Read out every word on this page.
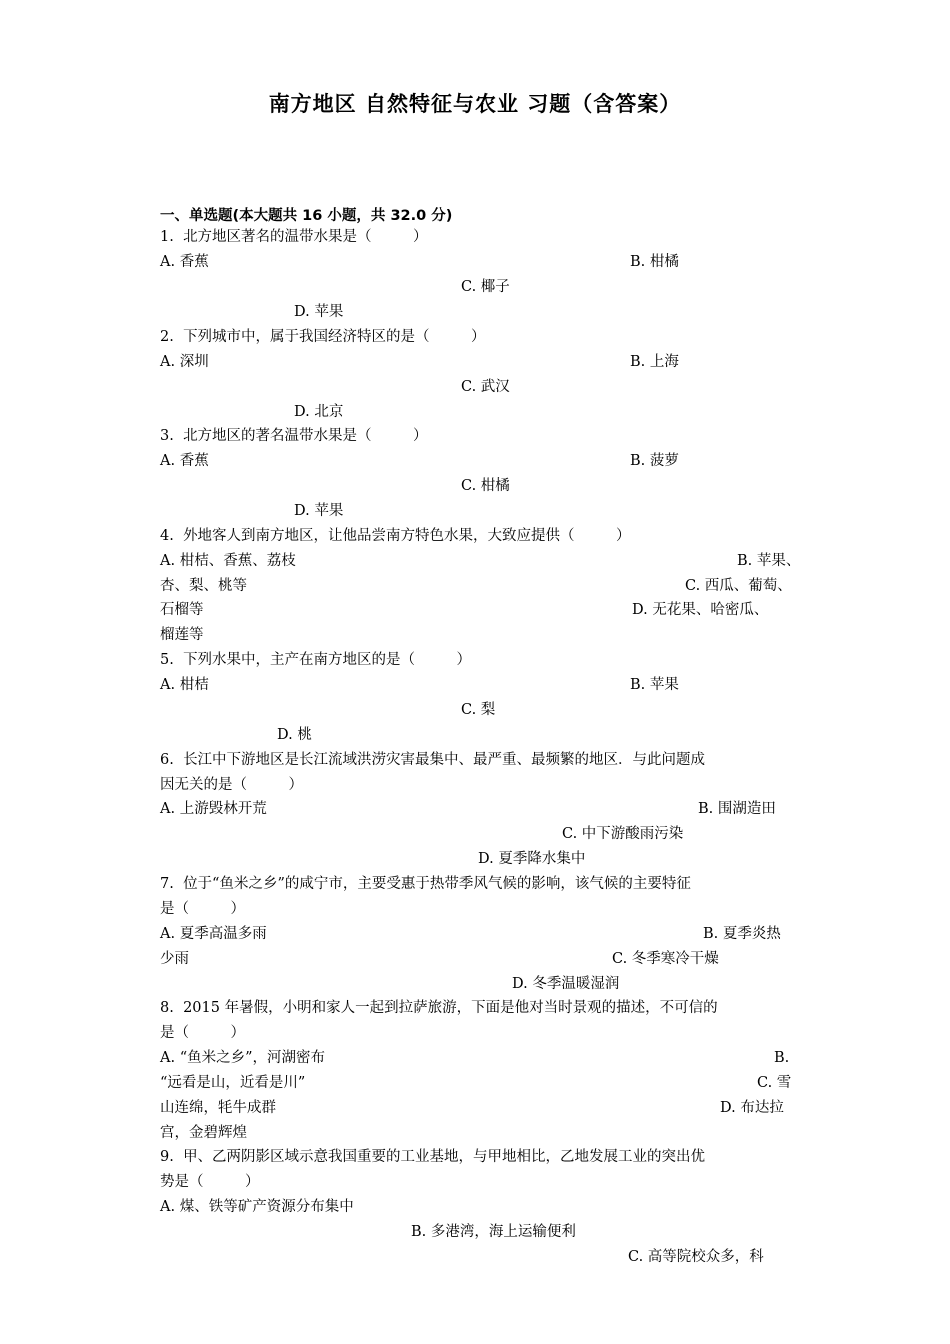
南方地区 自然特征与农业 习题（含答案）
一、单选题(本大题共 16 小题，共 32.0 分)
1. 北方地区著名的温带水果是（         ）
A. 香蕉	B. 柑橘
C. 椰子
D. 苹果
2. 下列城市中，属于我国经济特区的是（         ）
A. 深圳	B. 上海
C. 武汉
D. 北京
3. 北方地区的著名温带水果是（         ）
A. 香蕉	B. 菠萝
C. 柑橘
D. 苹果
4. 外地客人到南方地区，让他品尝南方特色水果，大致应提供（         ）
A. 柑桔、香蕉、荔枝	B. 苹果、
杏、梨、桃等	C. 西瓜、葡萄、
石榴等	D. 无花果、哈密瓜、
榴莲等
5. 下列水果中，主产在南方地区的是（         ）
A. 柑桔	B. 苹果
C. 梨
D. 桃
6. 长江中下游地区是长江流域洪涝灾害最集中、最严重、最频繁的地区．与此问题成
因无关的是（         ）
A. 上游毁林开荒	B. 围湖造田
C. 中下游酸雨污染
D. 夏季降水集中
7. 位于“鱼米之乡”的咸宁市，主要受惠于热带季风气候的影响，该气候的主要特征
是（         ）
A. 夏季高温多雨	B. 夏季炎热
少雨	C. 冬季寒冷干燥
D. 冬季温暖湿润
8. 2015 年暑假，小明和家人一起到拉萨旅游，下面是他对当时景观的描述，不可信的
是（         ）
A. “鱼米之乡”，河湖密布	B.
“远看是山，近看是川”	C. 雪
山连绵，牦牛成群	D. 布达拉
宫，金碧辉煌
9. 甲、乙两阴影区域示意我国重要的工业基地，与甲地相比，乙地发展工业的突出优
势是（         ）
A. 煤、铁等矿产资源分布集中
B. 多港湾，海上运输便利
C. 高等院校众多，科
